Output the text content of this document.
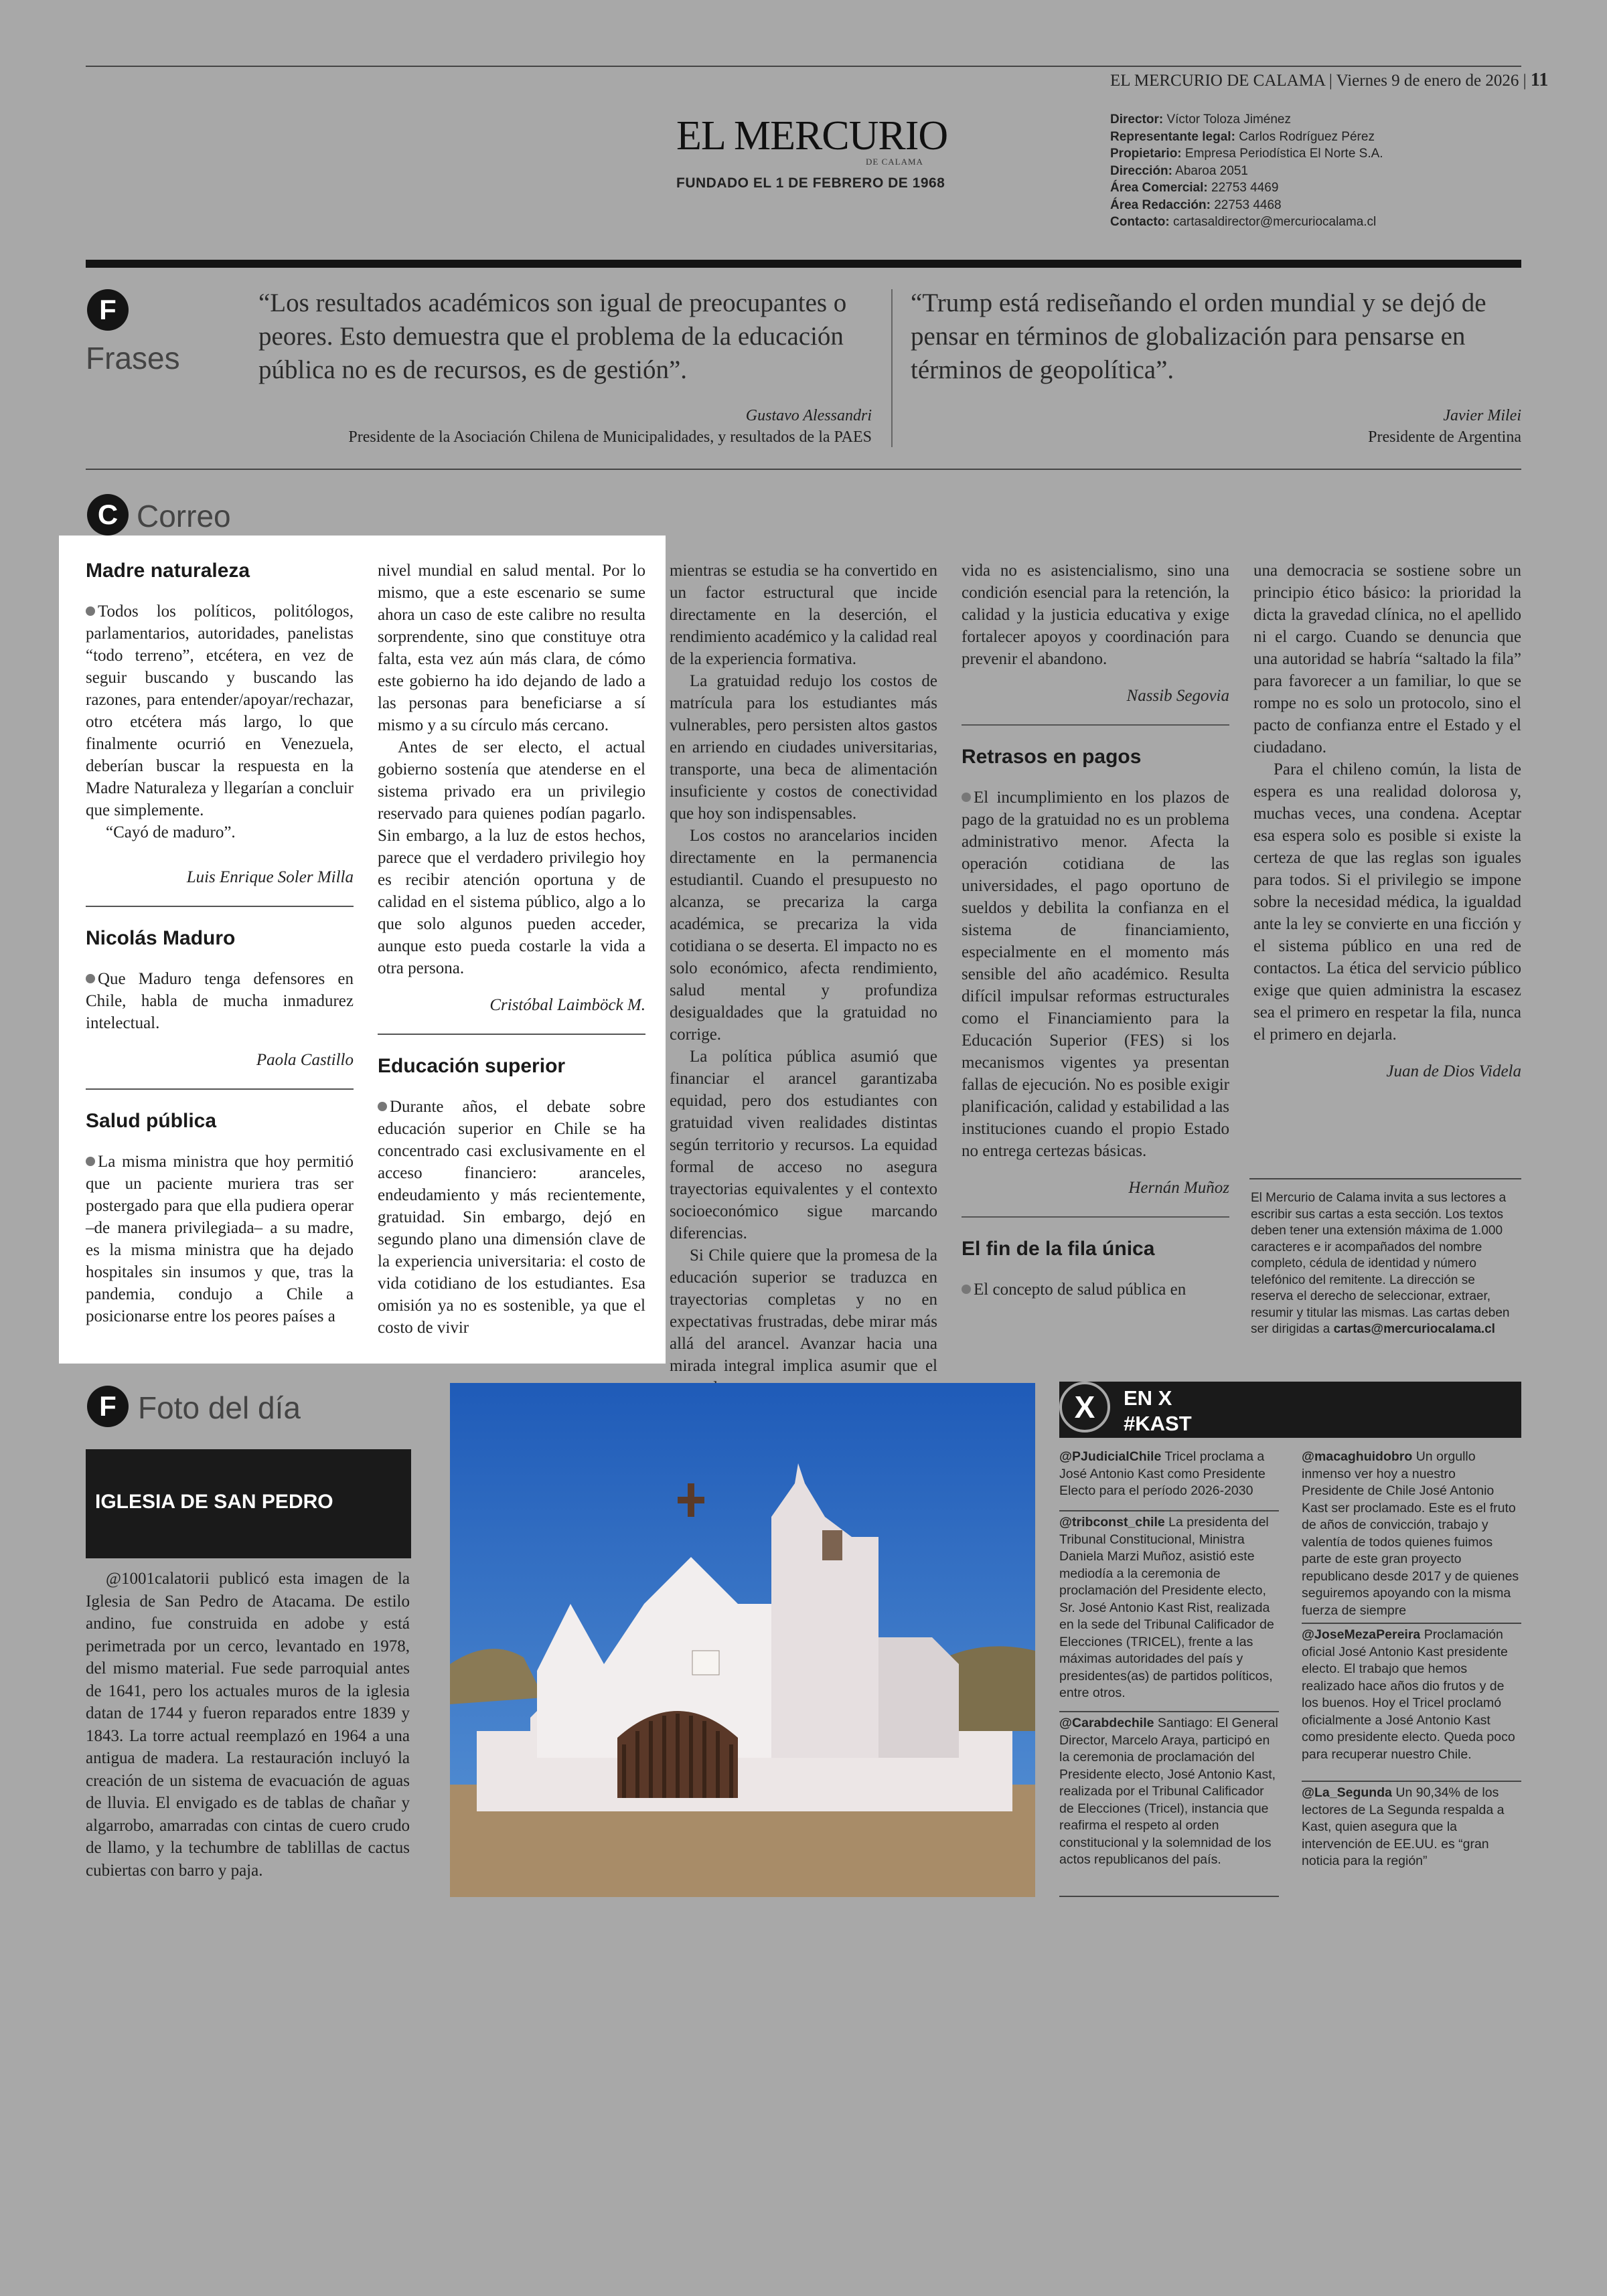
EL MERCURIO DE CALAMA | Viernes 9 de enero de 2026 | 11
EL MERCURIO
DE CALAMA
FUNDADO EL 1 DE FEBRERO DE 1968
Director: Víctor Toloza Jiménez
Representante legal: Carlos Rodríguez Pérez
Propietario: Empresa Periodística El Norte S.A.
Dirección: Abaroa 2051
Área Comercial: 22753 4469
Área Redacción: 22753 4468
Contacto: cartasaldirector@mercuriocalama.cl
F
Frases
“Los resultados académicos son igual de preocupantes o peores. Esto demuestra que el problema de la educación pública no es de recursos, es de gestión”.
Gustavo Alessandri
Presidente de la Asociación Chilena de Municipalidades, y resultados de la PAES
“Trump está rediseñando el orden mundial y se dejó de pensar en términos de globalización para pensarse en términos de geopolítica”.
Javier Milei
Presidente de Argentina
C Correo

Madre naturaleza

Todos los políticos, politólogos, parlamentarios, autoridades, panelistas “todo terreno”, etcétera, en vez de seguir buscando y buscando las razones, para entender/apoyar/rechazar, otro etcétera más largo, lo que finalmente ocurrió en Venezuela, deberían buscar la respuesta en la Madre Naturaleza y llegarían a concluir que simplemente.

“Cayó de maduro”.

Luis Enrique Soler Milla

Nicolás Maduro

Que Maduro tenga defensores en Chile, habla de mucha inmadurez intelectual.

Paola Castillo

Salud pública

La misma ministra que hoy permitió que un paciente muriera tras ser postergado para que ella pudiera operar –de manera privilegiada– a su madre, es la misma ministra que ha dejado hospitales sin insumos y que, tras la pandemia, condujo a Chile a posicionarse entre los peores países a

nivel mundial en salud mental. Por lo mismo, que a este escenario se sume ahora un caso de este calibre no resulta sorprendente, sino que constituye otra falta, esta vez aún más clara, de cómo este gobierno ha ido dejando de lado a las personas para beneficiarse a sí mismo y a su círculo más cercano.

Antes de ser electo, el actual gobierno sostenía que atenderse en el sistema privado era un privilegio reservado para quienes podían pagarlo. Sin embargo, a la luz de estos hechos, parece que el verdadero privilegio hoy es recibir atención oportuna y de calidad en el sistema público, algo a lo que solo algunos pueden acceder, aunque esto pueda costarle la vida a otra persona.

Cristóbal Laimböck M.

Educación superior

Durante años, el debate sobre educación superior en Chile se ha concentrado casi exclusivamente en el acceso financiero: aranceles, endeudamiento y más recientemente, gratuidad. Sin embargo, dejó en segundo plano una dimensión clave de la experiencia universitaria: el costo de vida cotidiano de los estudiantes. Esa omisión ya no es sostenible, ya que el costo de vivir

mientras se estudia se ha convertido en un factor estructural que incide directamente en la deserción, el rendimiento académico y la calidad real de la experiencia formativa.

La gratuidad redujo los costos de matrícula para los estudiantes más vulnerables, pero persisten altos gastos en arriendo en ciudades universitarias, transporte, una beca de alimentación insuficiente y costos de conectividad que hoy son indispensables.

Los costos no arancelarios inciden directamente en la permanencia estudiantil. Cuando el presupuesto no alcanza, se precariza la carga académica, se precariza la vida cotidiana o se deserta. El impacto no es solo económico, afecta rendimiento, salud mental y profundiza desigualdades que la gratuidad no corrige.

La política pública asumió que financiar el arancel garantizaba equidad, pero dos estudiantes con gratuidad viven realidades distintas según territorio y recursos. La equidad formal de acceso no asegura trayectorias equivalentes y el contexto socioeconómico sigue marcando diferencias.

Si Chile quiere que la promesa de la educación superior se traduzca en trayectorias completas y no en expectativas frustradas, debe mirar más allá del arancel. Avanzar hacia una mirada integral implica asumir que el

vida no es asistencialismo, sino una condición esencial para la retención, la calidad y la justicia educativa y exige fortalecer apoyos y coordinación para prevenir el abandono.

Nassib Segovia

Retrasos en pagos

El incumplimiento en los plazos de pago de la gratuidad no es un problema administrativo menor. Afecta la operación cotidiana de las universidades, el pago oportuno de sueldos y debilita la confianza en el sistema de financiamiento, especialmente en el momento más sensible del año académico. Resulta difícil impulsar reformas estructurales como el Financiamiento para la Educación Superior (FES) si los mecanismos vigentes ya presentan fallas de ejecución. No es posible exigir planificación, calidad y estabilidad a las instituciones cuando el propio Estado no entrega certezas básicas.

Hernán Muñoz

El fin de la fila única

El concepto de salud pública en

una democracia se sostiene sobre un principio ético básico: la prioridad la dicta la gravedad clínica, no el apellido ni el cargo. Cuando se denuncia que una autoridad se habría “saltado la fila” para favorecer a un familiar, lo que se rompe no es solo un protocolo, sino el pacto de confianza entre el Estado y el ciudadano.

Para el chileno común, la lista de espera es una realidad dolorosa y, muchas veces, una condena. Aceptar esa espera solo es posible si existe la certeza de que las reglas son iguales para todos. Si el privilegio se impone sobre la necesidad médica, la igualdad ante la ley se convierte en una ficción y el sistema público en una red de contactos. La ética del servicio público exige que quien administra la escasez sea el primero en respetar la fila, nunca el primero en dejarla.

Juan de Dios Videla

El Mercurio de Calama invita a sus lectores a escribir sus cartas a esta sección. Los textos deben tener una extensión máxima de 1.000 caracteres e ir acompañados del nombre completo, cédula de identidad y número telefónico del remitente. La dirección se reserva el derecho de seleccionar, extraer, resumir y titular las mismas. Las cartas deben ser dirigidas a cartas@mercuriocalama.cl
F Foto del día
IGLESIA DE SAN PEDRO
@1001calatorii publicó esta imagen de la Iglesia de San Pedro de Atacama. De estilo andino, fue construida en adobe y está perimetrada por un cerco, levantado en 1978, del mismo material. Fue sede parroquial antes de 1641, pero los actuales muros de la iglesia datan de 1744 y fueron reparados entre 1839 y 1843. La torre actual reemplazó en 1964 a una antigua de madera. La restauración incluyó la creación de un sistema de evacuación de aguas de lluvia. El envigado es de tablas de chañar y algarrobo, amarradas con cintas de cuero crudo de llamo, y la techumbre de tablillas de cactus cubiertas con barro y paja.
X	EN X
#KAST
@PJudicialChile Tricel proclama a José Antonio Kast como Presidente Electo para el período 2026-2030
@tribconst_chile La presidenta del Tribunal Constitucional, Ministra Daniela Marzi Muñoz, asistió este mediodía a la ceremonia de proclamación del Presidente electo, Sr. José Antonio Kast Rist, realizada en la sede del Tribunal Calificador de Elecciones (TRICEL), frente a las máximas autoridades del país y presidentes(as) de partidos políticos, entre otros.
@Carabdechile Santiago: El General Director, Marcelo Araya, participó en la ceremonia de proclamación del Presidente electo, José Antonio Kast, realizada por el Tribunal Calificador de Elecciones (Tricel), instancia que reafirma el respeto al orden constitucional y la solemnidad de los actos republicanos del país.
@macaghuidobro Un orgullo inmenso ver hoy a nuestro Presidente de Chile José Antonio Kast ser proclamado. Este es el fruto de años de convicción, trabajo y valentía de todos quienes fuimos parte de este gran proyecto republicano desde 2017 y de quienes seguiremos apoyando con la misma fuerza de siempre
@JoseMezaPereira Proclamación oficial José Antonio Kast presidente electo. El trabajo que hemos realizado hace años dio frutos y de los buenos. Hoy el Tricel proclamó oficialmente a José Antonio Kast como presidente electo. Queda poco para recuperar nuestro Chile.
@La_Segunda Un 90,34% de los lectores de La Segunda respalda a Kast, quien asegura que la intervención de EE.UU. es “gran noticia para la región”
